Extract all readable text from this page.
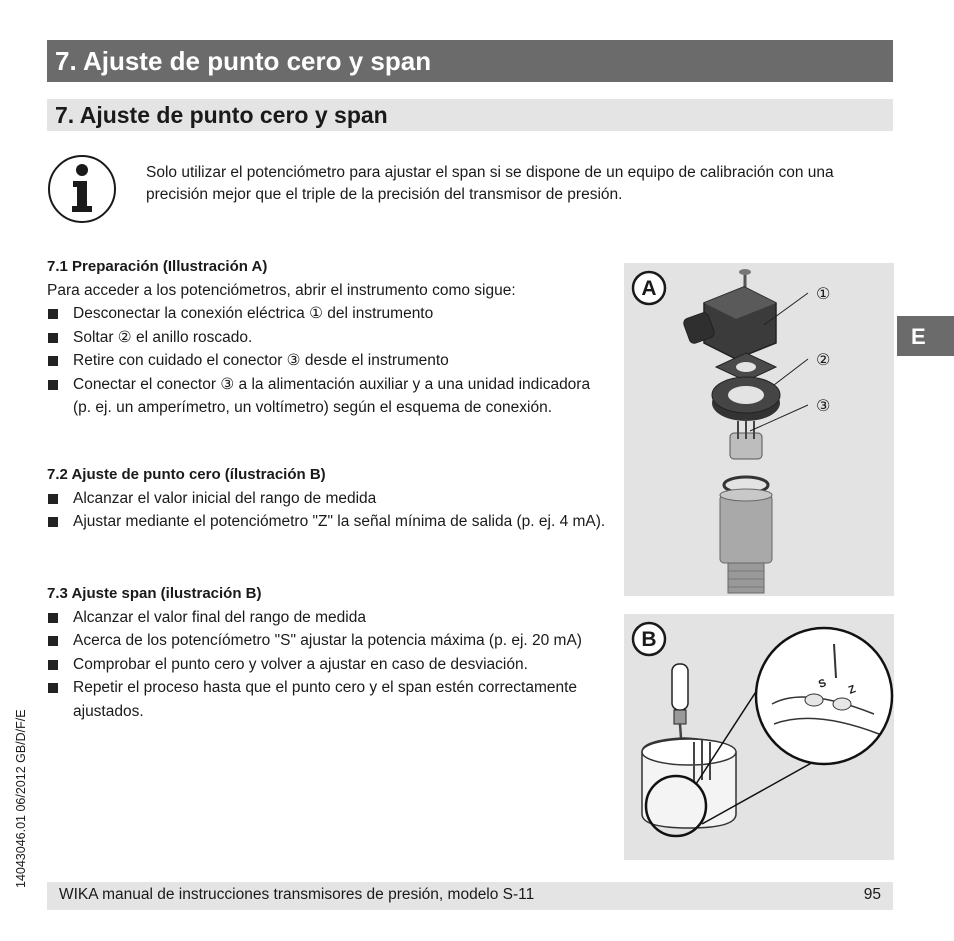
7. Ajuste de punto cero y span
7. Ajuste de punto cero y span
Solo utilizar el potenciómetro para ajustar el span si se dispone de un equipo de calibración con una precisión mejor que el triple de la precisión del transmisor de presión.
7.1 Preparación (Illustración A)
Para acceder a los potenciómetros, abrir el instrumento como sigue:
Desconectar la conexión eléctrica ① del instrumento
Soltar ② el anillo roscado.
Retire con cuidado el conector ③ desde el instrumento
Conectar el conector ③ a la alimentación auxiliar y a una unidad indicadora (p. ej. un amperímetro, un voltímetro) según el esquema de conexión.
7.2 Ajuste de punto cero (ílustración B)
Alcanzar el valor inicial del rango de medida
Ajustar mediante el potenciómetro "Z" la señal mínima de salida (p. ej. 4 mA).
7.3 Ajuste span (ilustración B)
Alcanzar el valor final del rango de medida
Acerca de los potencíómetro "S" ajustar la potencia máxima (p. ej. 20 mA)
Comprobar el punto cero y volver a ajustar en caso de desviación.
Repetir el proceso hasta que el punto cero y el span estén correctamente ajustados.
A	①
②
③
B
S Z
E
14043046.01 06/2012 GB/D/F/E
WIKA manual de instrucciones transmisores de presión, modelo S-11	95
